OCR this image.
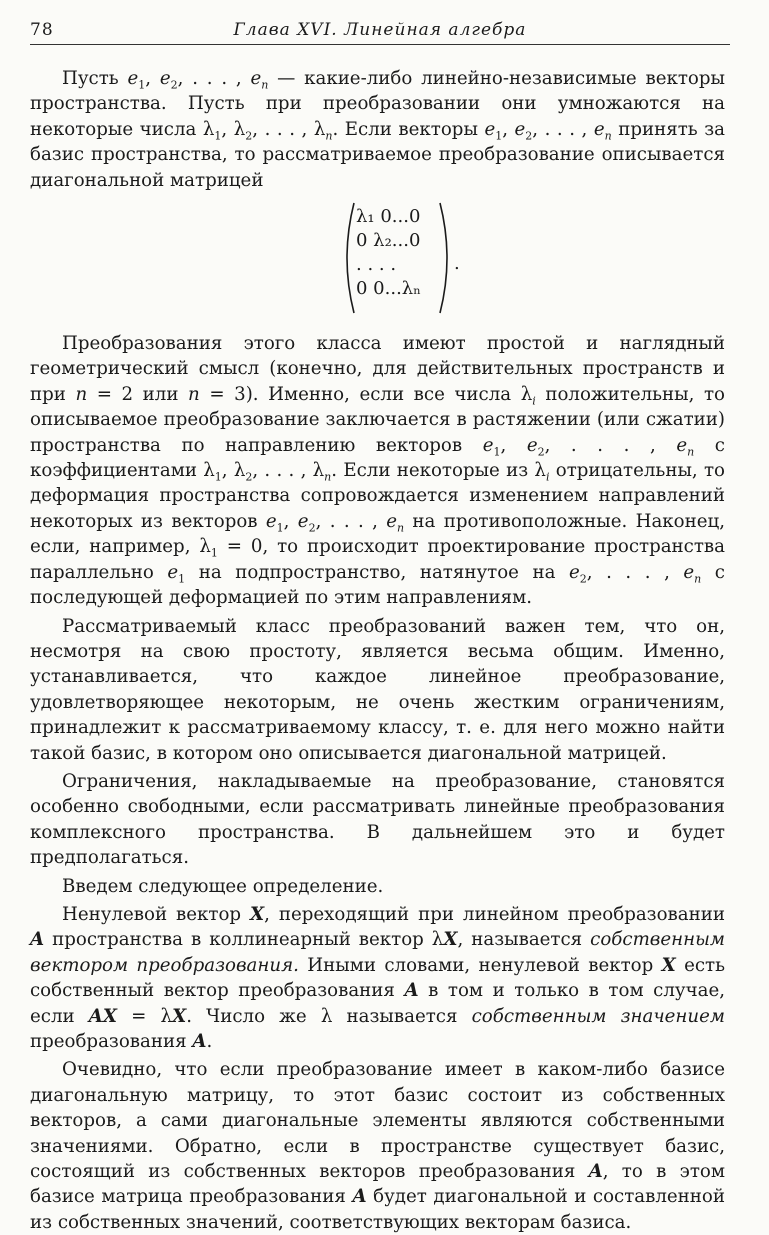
78	Глава XVI. Линейная алгебра

Пусть $e_1$, $e_2$, . . . , $e_n$ — какие-либо линейно-независимые векторы пространства. Пусть при преобразовании они умножаются на некоторые числа $\lambda_1$, $\lambda_2$, . . . , $\lambda_n$. Если векторы $e_1$, $e_2$, . . . , $e_n$ принять за базис пространства, то рассматриваемое преобразование описывается диагональной матрицей

λ₁ 0...0
0 λ₂...0
. . . .
0 0...λₙ
.

Преобразования этого класса имеют простой и наглядный геометрический смысл (конечно, для действительных пространств и при n = 2 или n = 3). Именно, если все числа $\lambda_i$ положительны, то описываемое преобразование заключается в растяжении (или сжатии) пространства по направлению векторов $e_1$, $e_2$, . . . , $e_n$ с коэффициентами $\lambda_1$, $\lambda_2$, . . . , $\lambda_n$. Если некоторые из $\lambda_i$ отрицательны, то деформация пространства сопровождается изменением направлений некоторых из векторов $e_1$, $e_2$, . . . , $e_n$ на противоположные. Наконец, если, например, $\lambda_1 = 0$, то происходит проектирование пространства параллельно $e_1$ на подпространство, натянутое на $e_2$, . . . , $e_n$ с последующей деформацией по этим направлениям.

Рассматриваемый класс преобразований важен тем, что он, несмотря на свою простоту, является весьма общим. Именно, устанавливается, что каждое линейное преобразование, удовлетворяющее некоторым, не очень жестким ограничениям, принадлежит к рассматриваемому классу, т. е. для него можно найти такой базис, в котором оно описывается диагональной матрицей.

Ограничения, накладываемые на преобразование, становятся особенно свободными, если рассматривать линейные преобразования комплексного пространства. В дальнейшем это и будет предполагаться.

Введем следующее определение.

Ненулевой вектор X, переходящий при линейном преобразовании A пространства в коллинеарный вектор λX, называется собственным вектором преобразования. Иными словами, ненулевой вектор X есть собственный вектор преобразования A в том и только в том случае, если AX = λX. Число же λ называется собственным значением преобразования A.

Очевидно, что если преобразование имеет в каком-либо базисе диагональную матрицу, то этот базис состоит из собственных векторов, а сами диагональные элементы являются собственными значениями. Обратно, если в пространстве существует базис, состоящий из собственных векторов преобразования A, то в этом базисе матрица преобразования A будет диагональной и составленной из собственных значений, соответствующих векторам базиса.
